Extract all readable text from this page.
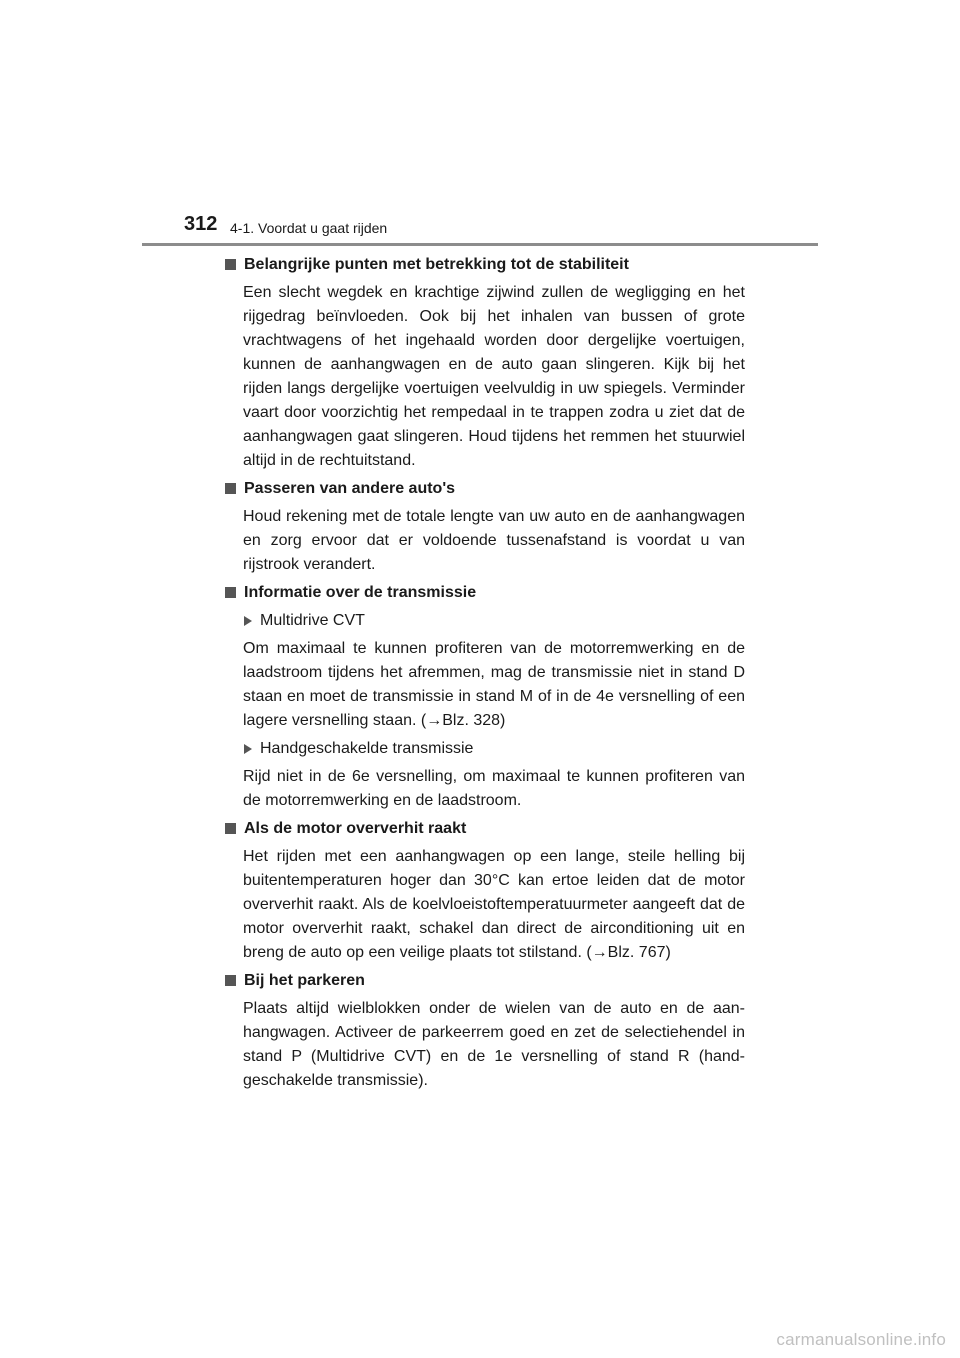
312 4-1. Voordat u gaat rijden
Belangrijke punten met betrekking tot de stabiliteit

Een slecht wegdek en krachtige zijwind zullen de wegligging en het rijgedrag beïnvloeden. Ook bij het inhalen van bussen of grote vrachtwagens of het ingehaald worden door dergelijke voertuigen, kunnen de aanhangwagen en de auto gaan slingeren. Kijk bij het rijden langs dergelijke voertuigen veelvuldig in uw spiegels. Verminder vaart door voorzichtig het rempedaal in te trappen zodra u ziet dat de aanhangwagen gaat slingeren. Houd tijdens het remmen het stuurwiel altijd in de rechtuitstand.

Passeren van andere auto's

Houd rekening met de totale lengte van uw auto en de aanhangwagen en zorg ervoor dat er voldoende tussenafstand is voordat u van rijstrook verandert.

Informatie over de transmissie
Multidrive CVT

Om maximaal te kunnen profiteren van de motorremwerking en de laadstroom tijdens het afremmen, mag de transmissie niet in stand D staan en moet de transmissie in stand M of in de 4e versnelling of een lagere versnelling staan. (→Blz. 328)

Handgeschakelde transmissie

Rijd niet in de 6e versnelling, om maximaal te kunnen profiteren van de motorremwerking en de laadstroom.

Als de motor oververhit raakt

Het rijden met een aanhangwagen op een lange, steile helling bij buitentemperaturen hoger dan 30°C kan ertoe leiden dat de motor oververhit raakt. Als de koelvloeistoftemperatuurmeter aangeeft dat de motor oververhit raakt, schakel dan direct de airconditioning uit en breng de auto op een veilige plaats tot stilstand. (→Blz. 767)

Bij het parkeren

Plaats altijd wielblokken onder de wielen van de auto en de aanhangwagen. Activeer de parkeerrem goed en zet de selectiehendel in stand P (Multidrive CVT) en de 1e versnelling of stand R (handgeschakelde transmissie).

carmanualsonline.info
